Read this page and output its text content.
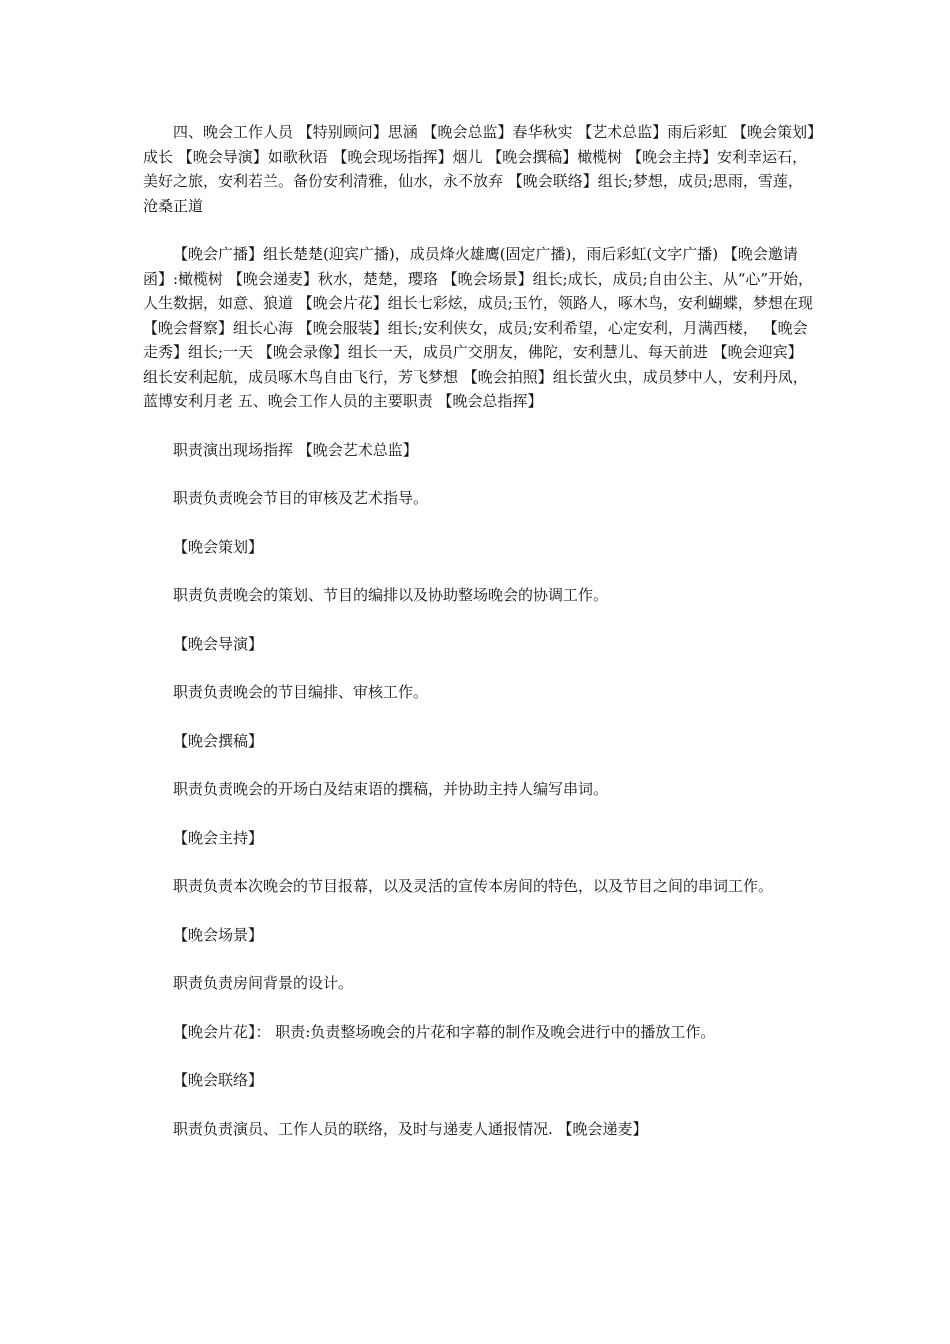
四、晚会工作人员 【特别顾问】思涵 【晚会总监】春华秋实 【艺术总监】雨后彩虹 【晚会策划】成长 【晚会导演】如歌秋语 【晚会现场指挥】烟儿 【晚会撰稿】橄榄树 【晚会主持】安利幸运石，美好之旅，安利若兰。备份安利清雅，仙水，永不放弃 【晚会联络】组长;梦想，成员;思雨，雪莲，沧桑正道

【晚会广播】组长楚楚(迎宾广播)，成员烽火雄鹰(固定广播)，雨后彩虹(文字广播) 【晚会邀请函】:橄榄树 【晚会递麦】秋水，楚楚，璎珞 【晚会场景】组长;成长，成员;自由公主、从“心”开始，人生数据，如意、狼道 【晚会片花】组长七彩炫，成员;玉竹，领路人，啄木鸟，安利蝴蝶，梦想在现 【晚会督察】组长心海 【晚会服装】组长;安利侠女，成员;安利希望，心定安利，月满西楼， 【晚会走秀】组长;一天 【晚会录像】组长一天，成员广交朋友，佛陀，安利慧儿、每天前进 【晚会迎宾】组长安利起航，成员啄木鸟自由飞行，芳飞梦想 【晚会拍照】组长萤火虫，成员梦中人，安利丹凤，蓝博安利月老 五、晚会工作人员的主要职责 【晚会总指挥】

职责演出现场指挥 【晚会艺术总监】

职责负责晚会节目的审核及艺术指导。

【晚会策划】

职责负责晚会的策划、节目的编排以及协助整场晚会的协调工作。

【晚会导演】

职责负责晚会的节目编排、审核工作。

【晚会撰稿】

职责负责晚会的开场白及结束语的撰稿，并协助主持人编写串词。

【晚会主持】

职责负责本次晚会的节目报幕，以及灵活的宣传本房间的特色，以及节目之间的串词工作。

【晚会场景】

职责负责房间背景的设计。

【晚会片花】： 职责:负责整场晚会的片花和字幕的制作及晚会进行中的播放工作。

【晚会联络】

职责负责演员、工作人员的联络，及时与递麦人通报情况. 【晚会递麦】
